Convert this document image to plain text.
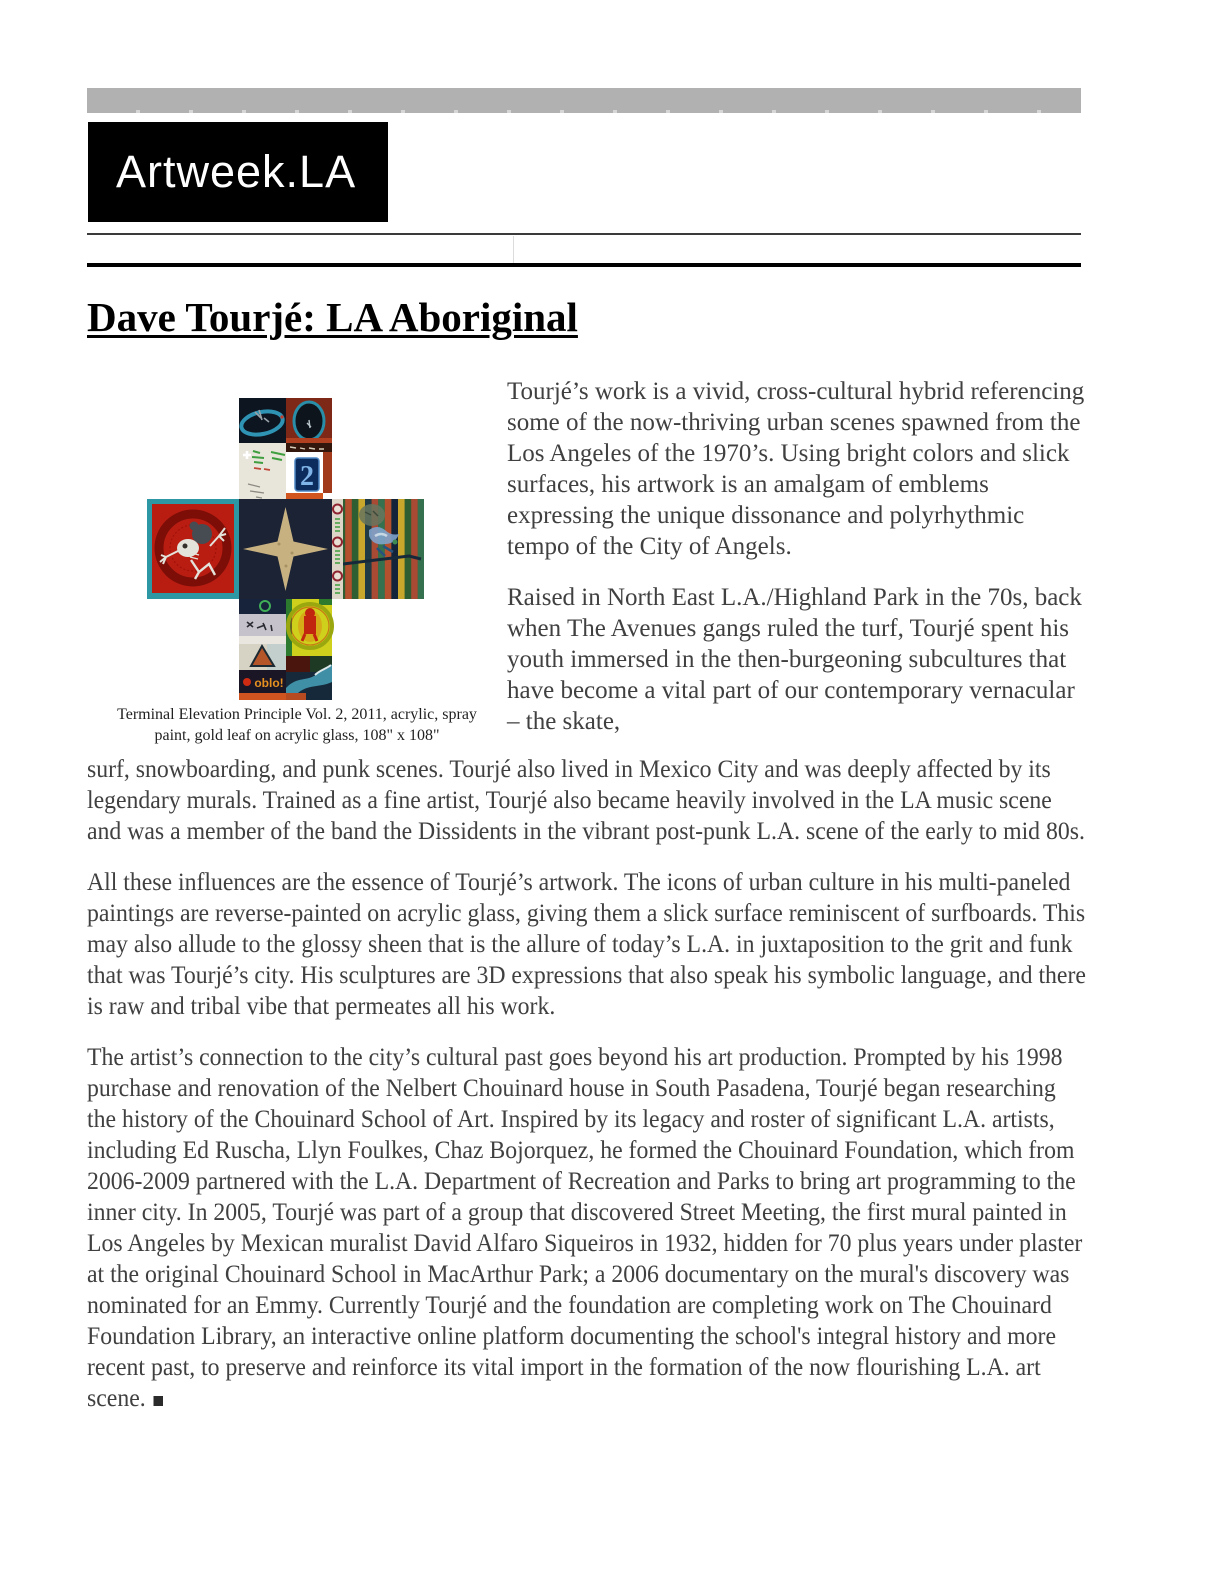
Artweek.LA
Dave Tourjé: LA Aboriginal
2
oblo!
Terminal Elevation Principle Vol. 2, 2011, acrylic, spray paint, gold leaf on acrylic glass, 108" x 108"

Tourjé’s work is a vivid, cross-cultural hybrid referencing some of the now-thriving urban scenes spawned from the Los Angeles of the 1970’s. Using bright colors and slick surfaces, his artwork is an amalgam of emblems expressing the unique dissonance and polyrhythmic tempo of the City of Angels.

Raised in North East L.A./Highland Park in the 70s, back when The Avenues gangs ruled the turf, Tourjé spent his youth immersed in the then-burgeoning subcultures that have become a vital part of our contemporary vernacular – the skate,

surf, snowboarding, and punk scenes. Tourjé also lived in Mexico City and was deeply affected by its legendary murals. Trained as a fine artist, Tourjé also became heavily involved in the LA music scene and was a member of the band the Dissidents in the vibrant post-punk L.A. scene of the early to mid 80s.

All these influences are the essence of Tourjé’s artwork. The icons of urban culture in his multi-paneled paintings are reverse-painted on acrylic glass, giving them a slick surface reminiscent of surfboards. This may also allude to the glossy sheen that is the allure of today’s L.A. in juxtaposition to the grit and funk that was Tourjé’s city. His sculptures are 3D expressions that also speak his symbolic language, and there is raw and tribal vibe that permeates all his work.

The artist’s connection to the city’s cultural past goes beyond his art production. Prompted by his 1998 purchase and renovation of the Nelbert Chouinard house in South Pasadena, Tourjé began researching the history of the Chouinard School of Art. Inspired by its legacy and roster of significant L.A. artists, including Ed Ruscha, Llyn Foulkes, Chaz Bojorquez, he formed the Chouinard Foundation, which from 2006-2009 partnered with the L.A. Department of Recreation and Parks to bring art programming to the inner city. In 2005, Tourjé was part of a group that discovered Street Meeting, the first mural painted in Los Angeles by Mexican muralist David Alfaro Siqueiros in 1932, hidden for 70 plus years under plaster at the original Chouinard School in MacArthur Park; a 2006 documentary on the mural's discovery was nominated for an Emmy. Currently Tourjé and the foundation are completing work on The Chouinard Foundation Library, an interactive online platform documenting the school's integral history and more recent past, to preserve and reinforce its vital import in the formation of the now flourishing L.A. art scene.
